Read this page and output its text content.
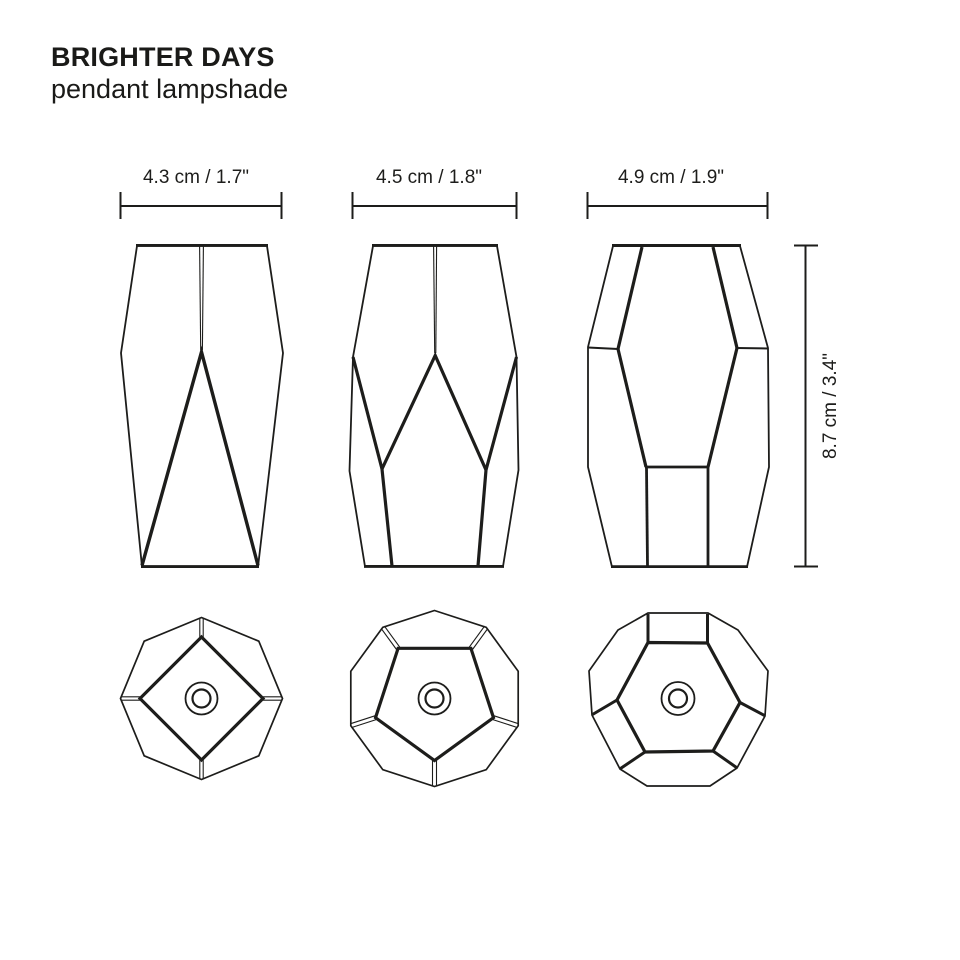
BRIGHTER DAYS
pendant lampshade
4.3 cm / 1.7"	4.5 cm / 1.8"	4.9 cm / 1.9"
8.7 cm / 3.4"
